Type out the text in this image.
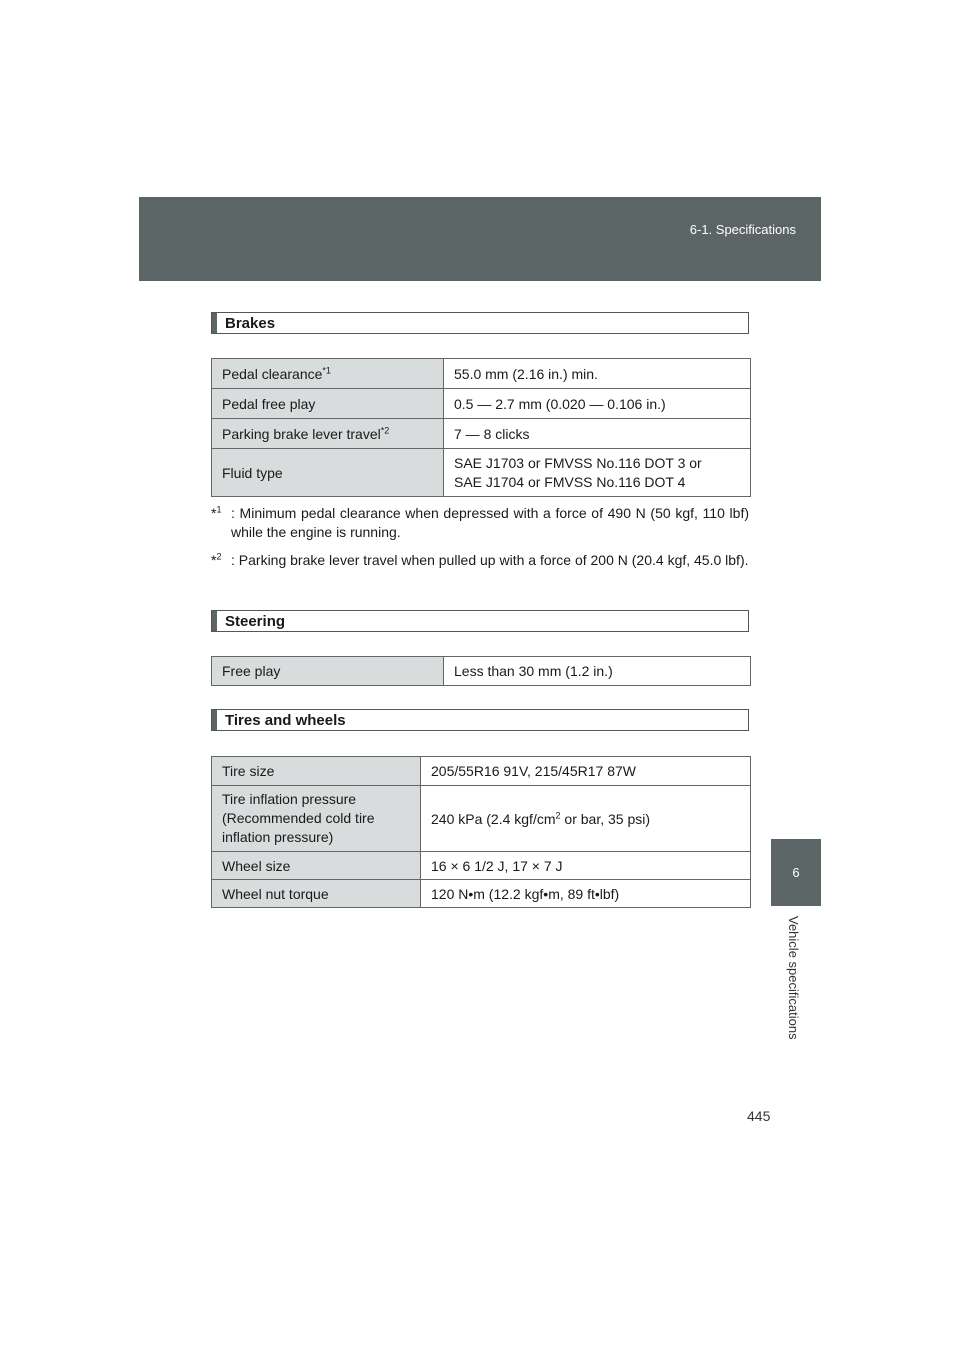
6-1. Specifications
6
Vehicle specifications
Brakes
Pedal clearance$^{*1}$	55.0 mm (2.16 in.) min.
Pedal free play	0.5 — 2.7 mm (0.020 — 0.106 in.)
Parking brake lever travel$^{*2}$	7 — 8 clicks
Fluid type	SAE J1703 or FMVSS No.116 DOT 3 or
SAE J1704 or FMVSS No.116 DOT 4
*$^1$ : Minimum pedal clearance when depressed with a force of 490 N (50 kgf, 110 lbf) while the engine is running.
*$^2$ : Parking brake lever travel when pulled up with a force of 200 N (20.4 kgf, 45.0 lbf).
Steering
Free play	Less than 30 mm (1.2 in.)
Tires and wheels
Tire size	205/55R16 91V, 215/45R17 87W
Tire inflation pressure
(Recommended cold tire
inflation pressure)	240 kPa (2.4 kgf/$cm^2$ or bar, 35 psi)
Wheel size	16 × 6 1/2 J, 17 × 7 J
Wheel nut torque	120 N•m (12.2 kgf•m, 89 ft•lbf)
445
